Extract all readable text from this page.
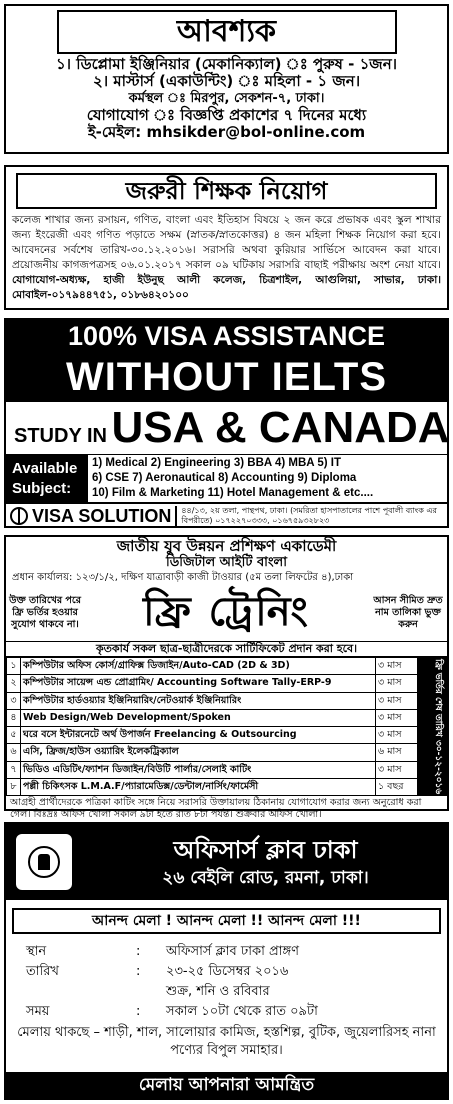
আবশ্যক
১। ডিপ্লোমা ইঞ্জিনিয়ার (মেকানিক্যাল) ঃ পুরুষ - ১জন।
২। মাস্টার্স (একাউন্টিং) ঃ মহিলা - ১ জন।
কর্মস্থল ঃ মিরপুর, সেকশন-৭, ঢাকা।
যোগাযোগ ঃ বিজ্ঞপ্তি প্রকাশের ৭ দিনের মধ্যে
ই-মেইল: mhsikder@bol-online.com
জরুরী শিক্ষক নিয়োগ
কলেজ শাখার জন্য রসায়ন, গণিত, বাংলা এবং ইতিহাস বিষয়ে ২ জন করে প্রভাষক এবং স্কুল শাখার জন্য ইংরেজী এবং গণিত পড়াতে সক্ষম (স্নাতক/স্নাতকোত্তর) ৪ জন মহিলা শিক্ষক নিয়োগ করা হবে। আবেদনের সর্বশেষ তারিখ-৩০.১২.২০১৬। সরাসরি অথবা কুরিয়ার সার্ভিসে আবেদন করা যাবে। প্রয়োজনীয় কাগজপত্রসহ ০৬.০১.২০১৭ সকাল ০৯ ঘটিকায় সরাসরি বাছাই পরীক্ষায় অংশ নেয়া যাবে। যোগাযোগ-অধ্যক্ষ, হাজী ইউনুছ আলী কলেজ, চিত্রশাইল, আগুলিয়া, সাভার, ঢাকা। মোবাইল-০১৭৯৪৪৭৫১, ০১৮৬৪২০১০০
100% VISA ASSISTANCE
WITHOUT IELTS
STUDY IN USA & CANADA
Available Subject:
1) Medical 2) Engineering 3) BBA 4) MBA 5) IT
6) CSE 7) Aeronautical 8) Accounting 9) Diploma
10) Film & Marketing 11) Hotel Management & etc....
VISA SOLUTION	৪৪/১৩, ২য় তলা, পান্থপথ, ঢাকা। (সমরিতা হাসপাতালের পাশে পূবালী ব্যাংক এর বিপরীতে) ০১৭২২৭০৩৩৩, ০১৬৭৫৯৩২৮২৩
জাতীয় যুব উন্নয়ন প্রশিক্ষণ একাডেমী
ডিজিটাল আইটি বাংলা
প্রধান কার্যালয়: ১২৩/১/২, দক্ষিণ যাত্রাবাড়ী কাজী টাওয়ার (৫ম তলা লিফটের ৪),ঢাকা
উক্ত তারিখের পরে ফ্রি ভর্তির হওয়ার সুযোগ থাকবে না।	ফ্রি ট্রেনিং	আসন সীমিত দ্রুত নাম তালিকা ভুক্ত করুন
কৃতকার্য সকল ছাত্র-ছাত্রীদেরকে সার্টিফিকেট প্রদান করা হবে।
১	কম্পিউটার অফিস কোর্স/গ্রাফিক্স ডিজাইন/Auto-CAD (2D & 3D)	৩ মাস
২	কম্পিউটার সায়েন্স এন্ড প্রোগ্রামিং/ Accounting Software Tally-ERP-9	৩ মাস
৩	কম্পিউটার হার্ডওয়্যার ইঞ্জিনিয়ারিং/নেটওয়ার্ক ইঞ্জিনিয়ারিং	৩ মাস
৪	Web Design/Web Development/Spoken	৩ মাস
৫	ঘরে বসে ইন্টারনেটে অর্থ উপার্জন Freelancing & Outsourcing	৩ মাস
৬	এসি, ফ্রিজ/হাউস ওয়্যারিং ইলেকট্রিক্যাল	৬ মাস
৭	ভিডিও এডিটিং/ফ্যাশন ডিজাইন/বিউটি পার্লার/সেলাই কাটিং	৩ মাস
৮	পল্লী চিকিৎসক L.M.A.F/প্যারামেডিক্স/ডেন্টাল/নার্সিং/ফার্মেসী	১ বছর	ফ্রি ভর্তির শেষ তারিখ ৩০-১২-২০১৬
আগ্রহী প্রার্থীদেরকে পত্রিকা কাটিং সঙ্গে নিয়ে সরাসরি উক্তায়ালয় ঠিকানায় যোগাযোগ করার জন্য অনুরোধ করা গেল। বিঃদ্রঃ অফিস খোলা সকাল ৯টা হতে রাত ৮টা পর্যন্ত। শুক্রবার অফিস খোলা।
অফিসার্স ক্লাব ঢাকা
২৬ বেইলি রোড, রমনা, ঢাকা।
আনন্দ মেলা ! আনন্দ মেলা !! আনন্দ মেলা !!!
স্থান	:	অফিসার্স ক্লাব ঢাকা প্রাঙ্গণ
তারিখ	:	২৩-২৫ ডিসেম্বর ২০১৬
শুক্র, শনি ও রবিবার
সময়	:	সকাল ১০টা থেকে রাত ০৯টা
মেলায় থাকছে – শাড়ী, শাল, সালোয়ার কামিজ, হস্তশিল্প, বুটিক, জুয়েলারিসহ নানা পণ্যের বিপুল সমাহার।
মেলায় আপনারা আমন্ত্রিত
